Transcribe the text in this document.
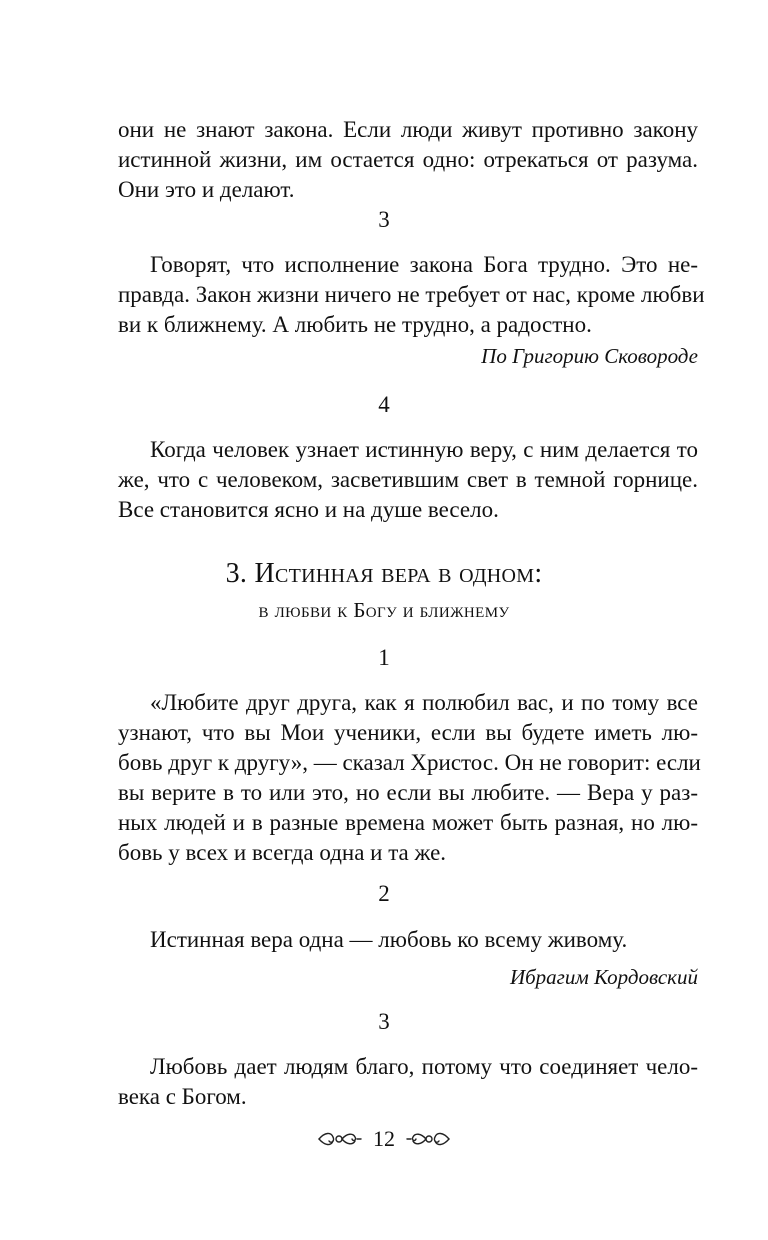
они не знают закона. Если люди живут противно закону
истинной жизни, им остается одно: отрекаться от разума.
Они это и делают.
3
Говорят, что исполнение закона Бога трудно. Это не-
правда. Закон жизни ничего не требует от нас, кроме любви
ви к ближнему. А любить не трудно, а радостно.
По Григорию Сковороде
4
Когда человек узнает истинную веру, с ним делается то
же, что с человеком, засветившим свет в темной горнице.
Все становится ясно и на душе весело.
3. Истинная вера в одном:
в любви к Богу и ближнему
1
«Любите друг друга, как я полюбил вас, и по тому все
узнают, что вы Мои ученики, если вы будете иметь лю-
бовь друг к другу», — сказал Христос. Он не говорит: если
вы верите в то или это, но если вы любите. — Вера у раз-
ных людей и в разные времена может быть разная, но лю-
бовь у всех и всегда одна и та же.
2
Истинная вера одна — любовь ко всему живому.
Ибрагим Кордовский
3
Любовь дает людям благо, потому что соединяет чело-
века с Богом.
12
